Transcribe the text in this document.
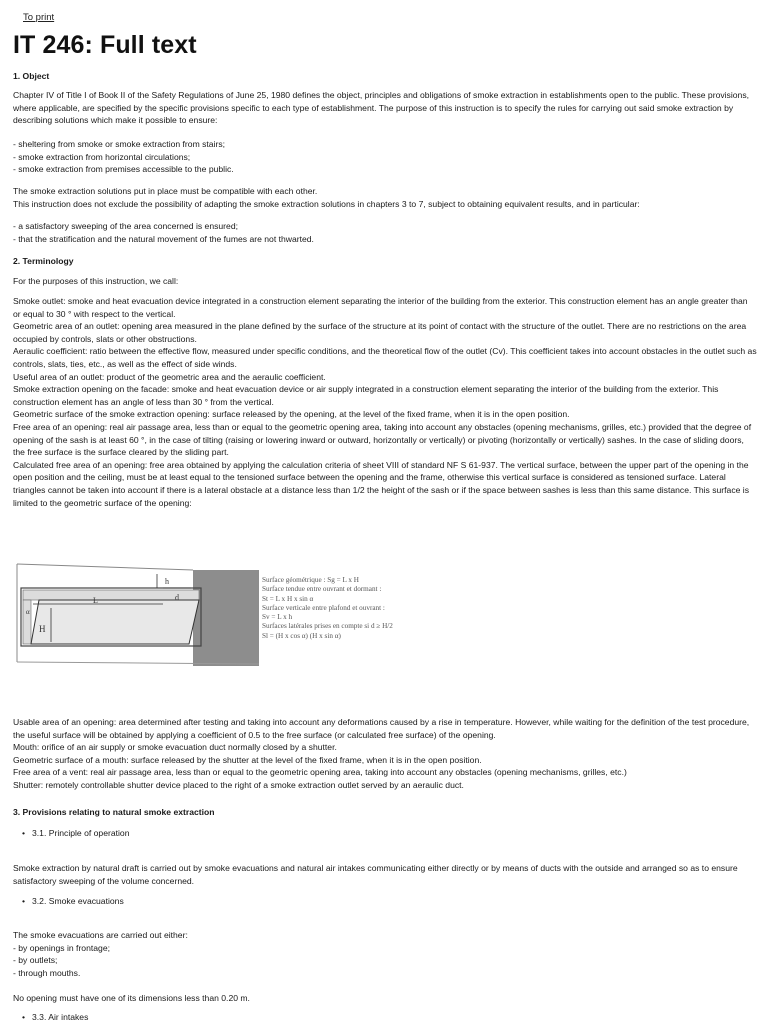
To print
IT 246: Full text

1. Object

Chapter IV of Title I of Book II of the Safety Regulations of June 25, 1980 defines the object, principles and obligations of smoke extraction in establishments open to the public. These provisions, where applicable, are specified by the specific provisions specific to each type of establishment. The purpose of this instruction is to specify the rules for carrying out said smoke extraction by describing solutions which make it possible to ensure:

- sheltering from smoke or smoke extraction from stairs;
- smoke extraction from horizontal circulations;
- smoke extraction from premises accessible to the public.

The smoke extraction solutions put in place must be compatible with each other.
This instruction does not exclude the possibility of adapting the smoke extraction solutions in chapters 3 to 7, subject to obtaining equivalent results, and in particular:

- a satisfactory sweeping of the area concerned is ensured;
- that the stratification and the natural movement of the fumes are not thwarted.

2. Terminology

For the purposes of this instruction, we call:

Smoke outlet: smoke and heat evacuation device integrated in a construction element separating the interior of the building from the exterior. This construction element has an angle greater than or equal to 30 ° with respect to the vertical.
Geometric area of an outlet: opening area measured in the plane defined by the surface of the structure at its point of contact with the structure of the outlet. There are no restrictions on the area occupied by controls, slats or other obstructions.
Aeraulic coefficient: ratio between the effective flow, measured under specific conditions, and the theoretical flow of the outlet (Cv). This coefficient takes into account obstacles in the outlet such as controls, slats, ties, etc., as well as the effect of side winds.
Useful area of an outlet: product of the geometric area and the aeraulic coefficient.
Smoke extraction opening on the facade: smoke and heat evacuation device or air supply integrated in a construction element separating the interior of the building from the exterior. This construction element has an angle of less than 30 ° from the vertical.
Geometric surface of the smoke extraction opening: surface released by the opening, at the level of the fixed frame, when it is in the open position.
Free area of an opening: real air passage area, less than or equal to the geometric opening area, taking into account any obstacles (opening mechanisms, grilles, etc.) provided that the degree of opening of the sash is at least 60 °, in the case of tilting (raising or lowering inward or outward, horizontally or vertically) or pivoting (horizontally or vertically) sashes. In the case of sliding doors, the free surface is the surface cleared by the sliding part.
Calculated free area of an opening: free area obtained by applying the calculation criteria of sheet VIII of standard NF S 61-937. The vertical surface, between the upper part of the opening in the open position and the ceiling, must be at least equal to the tensioned surface between the opening and the frame, otherwise this vertical surface is considered as tensioned surface. Lateral triangles cannot be taken into account if there is a lateral obstacle at a distance less than 1/2 the height of the sash or if the space between sashes is less than this same distance. This surface is limited to the geometric surface of the opening:

h
d
L
H
α
Surface géométrique : Sg = L x H
Surface tendue entre ouvrant et dormant :
St = L x H x sin α
Surface verticale entre plafond et ouvrant :
Sv = L x h
Surfaces latérales prises en compte si d ≥ H/2
Sl = (H x cos α) (H x sin α)

Usable area of an opening: area determined after testing and taking into account any deformations caused by a rise in temperature. However, while waiting for the definition of the test procedure, the useful surface will be obtained by applying a coefficient of 0.5 to the free surface (or calculated free surface) of the opening.
Mouth: orifice of an air supply or smoke evacuation duct normally closed by a shutter.
Geometric surface of a mouth: surface released by the shutter at the level of the fixed frame, when it is in the open position.
Free area of a vent: real air passage area, less than or equal to the geometric opening area, taking into account any obstacles (opening mechanisms, grilles, etc.)
Shutter: remotely controllable shutter device placed to the right of a smoke extraction outlet served by an aeraulic duct.

3. Provisions relating to natural smoke extraction

• 3.1. Principle of operation

Smoke extraction by natural draft is carried out by smoke evacuations and natural air intakes communicating either directly or by means of ducts with the outside and arranged so as to ensure satisfactory sweeping of the volume concerned.

• 3.2. Smoke evacuations

The smoke evacuations are carried out either:
- by openings in frontage;
- by outlets;
- through mouths.

No opening must have one of its dimensions less than 0.20 m.

• 3.3. Air intakes
